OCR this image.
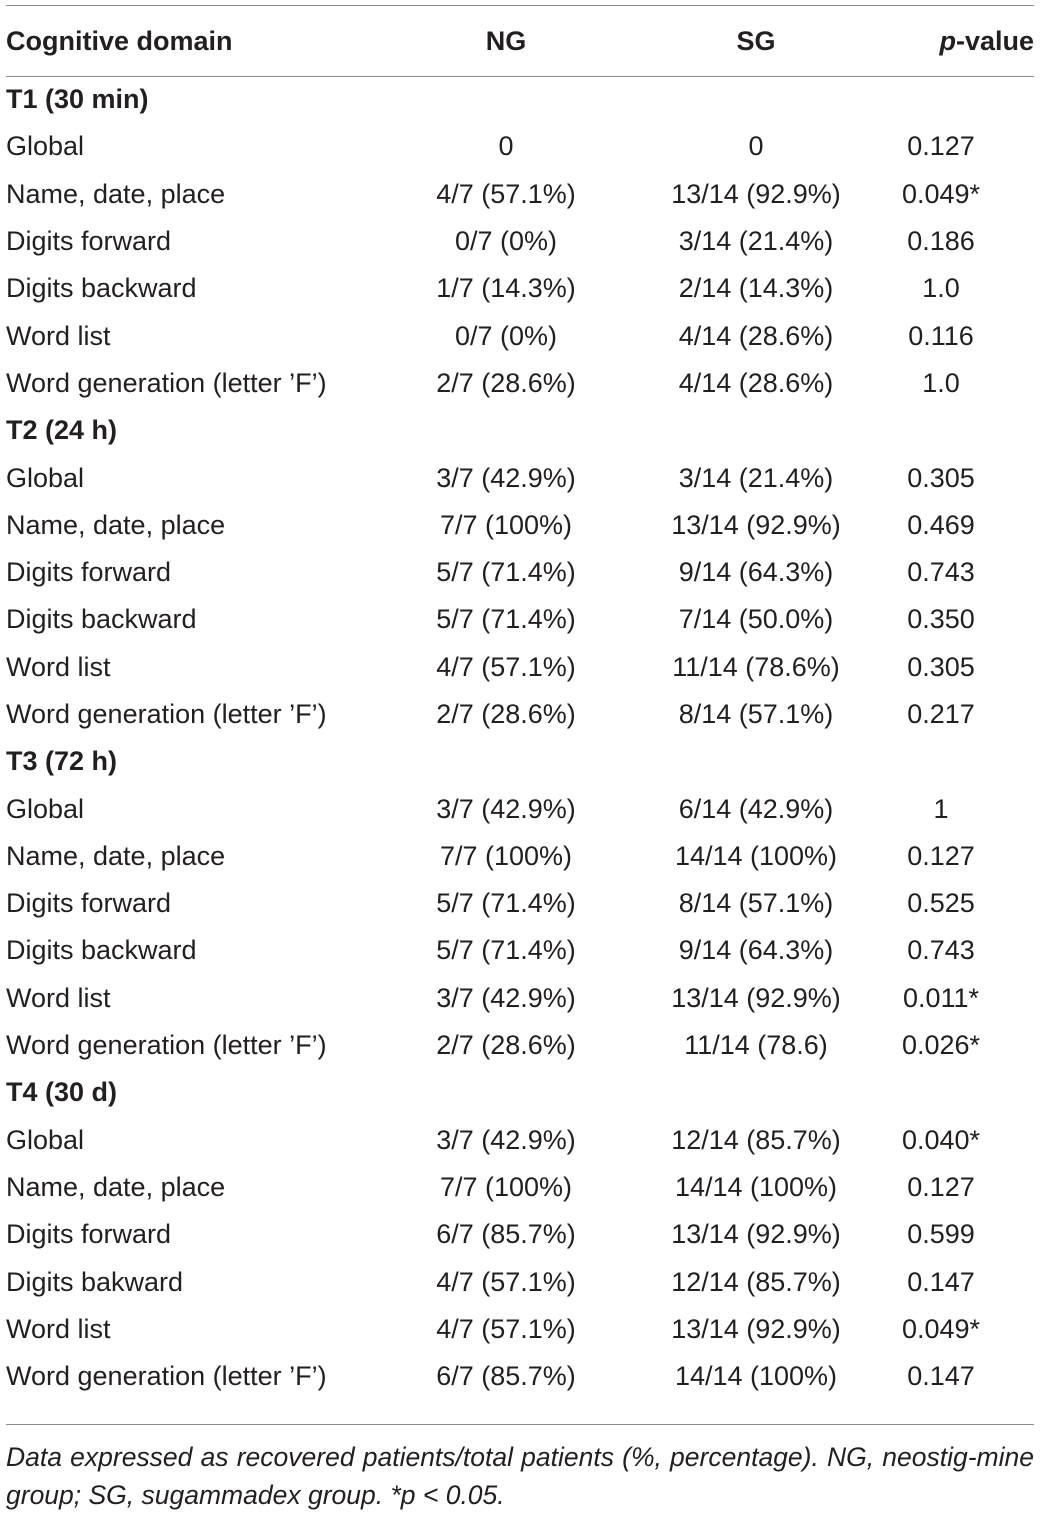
Cognitive domain	NG	SG	p-value
T1 (30 min)			
Global	0	0	0.127
Name, date, place	4/7 (57.1%)	13/14 (92.9%)	0.049*
Digits forward	0/7 (0%)	3/14 (21.4%)	0.186
Digits backward	1/7 (14.3%)	2/14 (14.3%)	1.0
Word list	0/7 (0%)	4/14 (28.6%)	0.116
Word generation (letter ’F’)	2/7 (28.6%)	4/14 (28.6%)	1.0
T2 (24 h)			
Global	3/7 (42.9%)	3/14 (21.4%)	0.305
Name, date, place	7/7 (100%)	13/14 (92.9%)	0.469
Digits forward	5/7 (71.4%)	9/14 (64.3%)	0.743
Digits backward	5/7 (71.4%)	7/14 (50.0%)	0.350
Word list	4/7 (57.1%)	11/14 (78.6%)	0.305
Word generation (letter ’F’)	2/7 (28.6%)	8/14 (57.1%)	0.217
T3 (72 h)			
Global	3/7 (42.9%)	6/14 (42.9%)	1
Name, date, place	7/7 (100%)	14/14 (100%)	0.127
Digits forward	5/7 (71.4%)	8/14 (57.1%)	0.525
Digits backward	5/7 (71.4%)	9/14 (64.3%)	0.743
Word list	3/7 (42.9%)	13/14 (92.9%)	0.011*
Word generation (letter ’F’)	2/7 (28.6%)	11/14 (78.6)	0.026*
T4 (30 d)			
Global	3/7 (42.9%)	12/14 (85.7%)	0.040*
Name, date, place	7/7 (100%)	14/14 (100%)	0.127
Digits forward	6/7 (85.7%)	13/14 (92.9%)	0.599
Digits bakward	4/7 (57.1%)	12/14 (85.7%)	0.147
Word list	4/7 (57.1%)	13/14 (92.9%)	0.049*
Word generation (letter ’F’)	6/7 (85.7%)	14/14 (100%)	0.147
Data expressed as recovered patients/total patients (%, percentage). NG, neostig-mine group; SG, sugammadex group. *p < 0.05.
